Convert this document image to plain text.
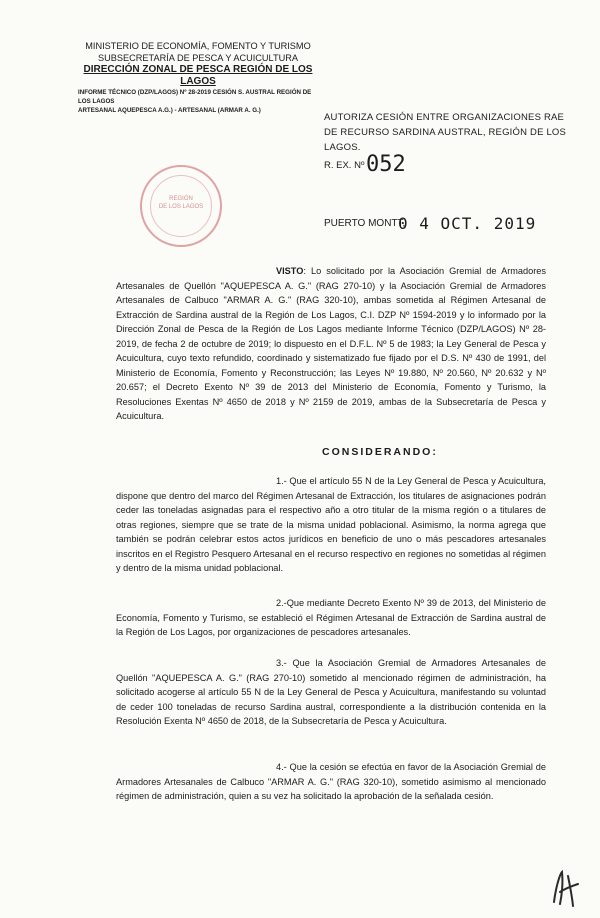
MINISTERIO DE ECONOMÍA, FOMENTO Y TURISMO
SUBSECRETARÍA DE PESCA Y ACUICULTURA
DIRECCIÓN ZONAL DE PESCA REGIÓN DE LOS LAGOS
INFORME TÉCNICO (DZP/LAGOS) Nº 28-2019 CESIÓN S. AUSTRAL REGIÓN DE LOS LAGOS
ARTESANAL AQUEPESCA A.G.) - ARTESANAL (ARMAR A. G.)
AUTORIZA CESIÓN ENTRE ORGANIZACIONES RAE DE RECURSO SARDINA AUSTRAL, REGIÓN DE LOS LAGOS.
R. EX. Nº 052
REGIÓN
DE LOS LAGOS
PUERTO MONTT,
0 4 OCT. 2019

VISTO: Lo solicitado por la Asociación Gremial de Armadores Artesanales de Quellón "AQUEPESCA A. G." (RAG 270-10) y la Asociación Gremial de Armadores Artesanales de Calbuco "ARMAR A. G." (RAG 320-10), ambas sometida al Régimen Artesanal de Extracción de Sardina austral de la Región de Los Lagos, C.I. DZP Nº 1594-2019 y lo informado por la Dirección Zonal de Pesca de la Región de Los Lagos mediante Informe Técnico (DZP/LAGOS) Nº 28-2019, de fecha 2 de octubre de 2019; lo dispuesto en el D.F.L. Nº 5 de 1983; la Ley General de Pesca y Acuicultura, cuyo texto refundido, coordinado y sistematizado fue fijado por el D.S. Nº 430 de 1991, del Ministerio de Economía, Fomento y Reconstrucción; las Leyes Nº 19.880, Nº 20.560, Nº 20.632 y Nº 20.657; el Decreto Exento Nº 39 de 2013 del Ministerio de Economía, Fomento y Turismo, la Resoluciones Exentas Nº 4650 de 2018 y Nº 2159 de 2019, ambas de la Subsecretaría de Pesca y Acuicultura.

CONSIDERANDO:

1.- Que el artículo 55 N de la Ley General de Pesca y Acuicultura, dispone que dentro del marco del Régimen Artesanal de Extracción, los titulares de asignaciones podrán ceder las toneladas asignadas para el respectivo año a otro titular de la misma región o a titulares de otras regiones, siempre que se trate de la misma unidad poblacional. Asimismo, la norma agrega que también se podrán celebrar estos actos jurídicos en beneficio de uno o más pescadores artesanales inscritos en el Registro Pesquero Artesanal en el recurso respectivo en regiones no sometidas al régimen y dentro de la misma unidad poblacional.

2.-Que mediante Decreto Exento Nº 39 de 2013, del Ministerio de Economía, Fomento y Turismo, se estableció el Régimen Artesanal de Extracción de Sardina austral de la Región de Los Lagos, por organizaciones de pescadores artesanales.

3.- Que la Asociación Gremial de Armadores Artesanales de Quellón "AQUEPESCA A. G." (RAG 270-10) sometido al mencionado régimen de administración, ha solicitado acogerse al artículo 55 N de la Ley General de Pesca y Acuicultura, manifestando su voluntad de ceder 100 toneladas de recurso Sardina austral, correspondiente a la distribución contenida en la Resolución Exenta Nº 4650 de 2018, de la Subsecretaría de Pesca y Acuicultura.

4.- Que la cesión se efectúa en favor de la Asociación Gremial de Armadores Artesanales de Calbuco "ARMAR A. G." (RAG 320-10), sometido asimismo al mencionado régimen de administración, quien a su vez ha solicitado la aprobación de la señalada cesión.
